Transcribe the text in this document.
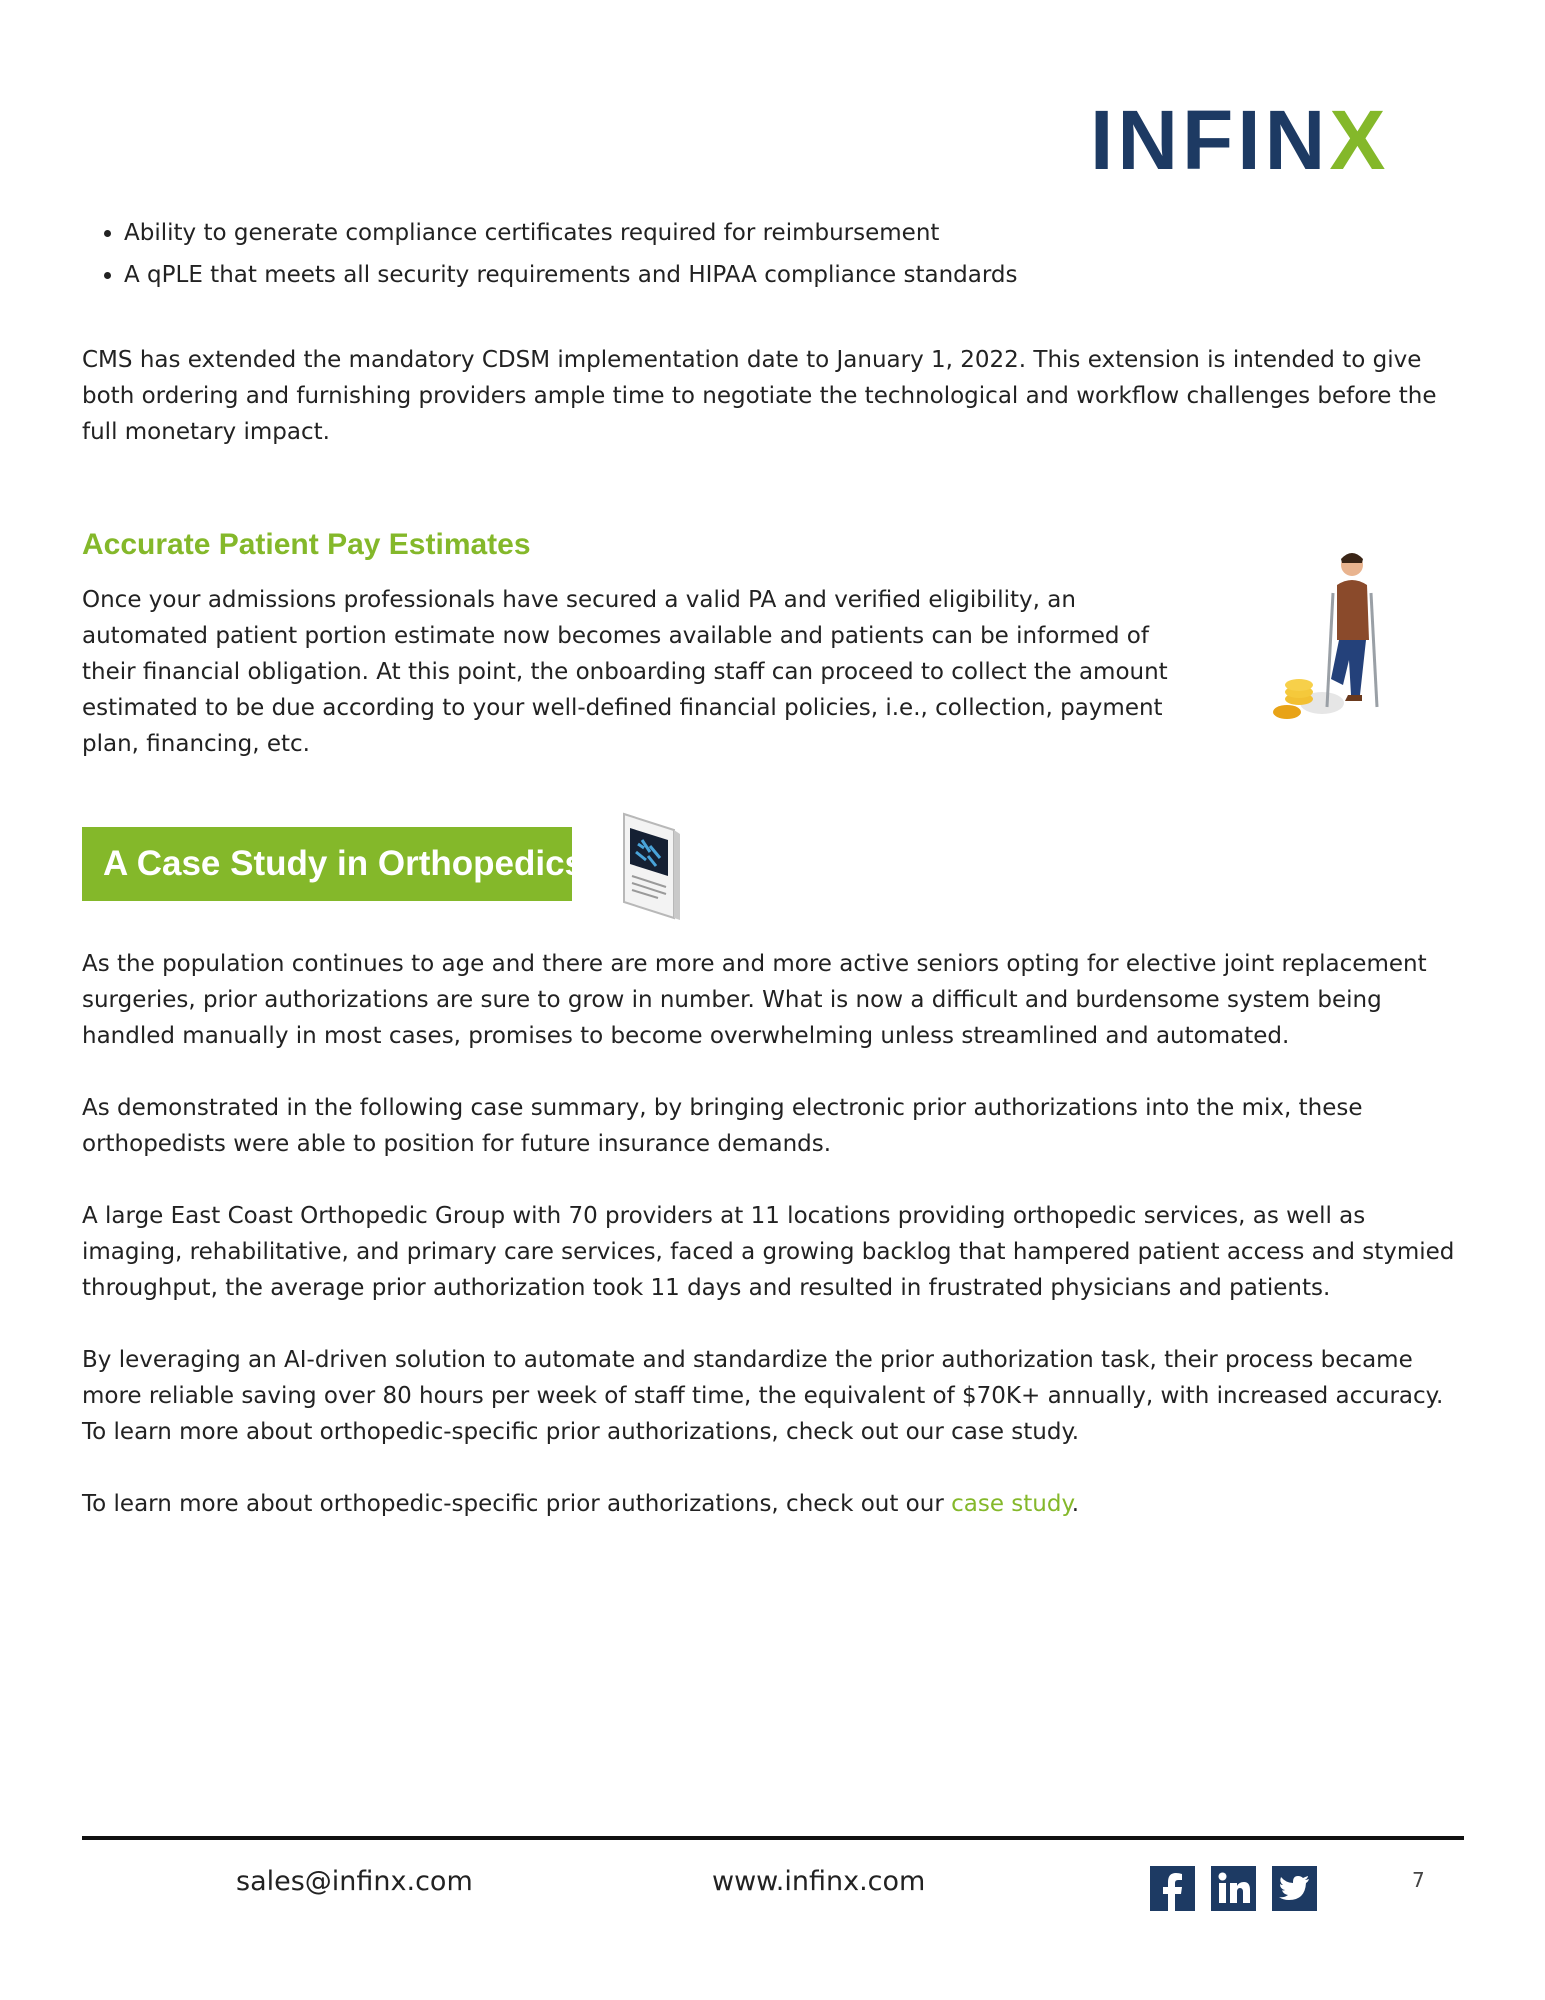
INFINX
• Ability to generate compliance certificates required for reimbursement
• A qPLE that meets all security requirements and HIPAA compliance standards

CMS has extended the mandatory CDSM implementation date to January 1, 2022. This extension is intended to give both ordering and furnishing providers ample time to negotiate the technological and workflow challenges before the full monetary impact.

Accurate Patient Pay Estimates

Once your admissions professionals have secured a valid PA and verified eligibility, an automated patient portion estimate now becomes available and patients can be informed of their financial obligation. At this point, the onboarding staff can proceed to collect the amount estimated to be due according to your well-defined financial policies, i.e., collection, payment plan, financing, etc.

A Case Study in Orthopedics

As the population continues to age and there are more and more active seniors opting for elective joint replacement surgeries, prior authorizations are sure to grow in number. What is now a difficult and burdensome system being handled manually in most cases, promises to become overwhelming unless streamlined and automated.

As demonstrated in the following case summary, by bringing electronic prior authorizations into the mix, these orthopedists were able to position for future insurance demands.

A large East Coast Orthopedic Group with 70 providers at 11 locations providing orthopedic services, as well as imaging, rehabilitative, and primary care services, faced a growing backlog that hampered patient access and stymied throughput, the average prior authorization took 11 days and resulted in frustrated physicians and patients.

By leveraging an AI-driven solution to automate and standardize the prior authorization task, their process became more reliable saving over 80 hours per week of staff time, the equivalent of $70K+ annually, with increased accuracy.

To learn more about orthopedic-specific prior authorizations, check out our case study.

To learn more about orthopedic-specific prior authorizations, check out our case study.

sales@infinx.com	www.infinx.com	7
